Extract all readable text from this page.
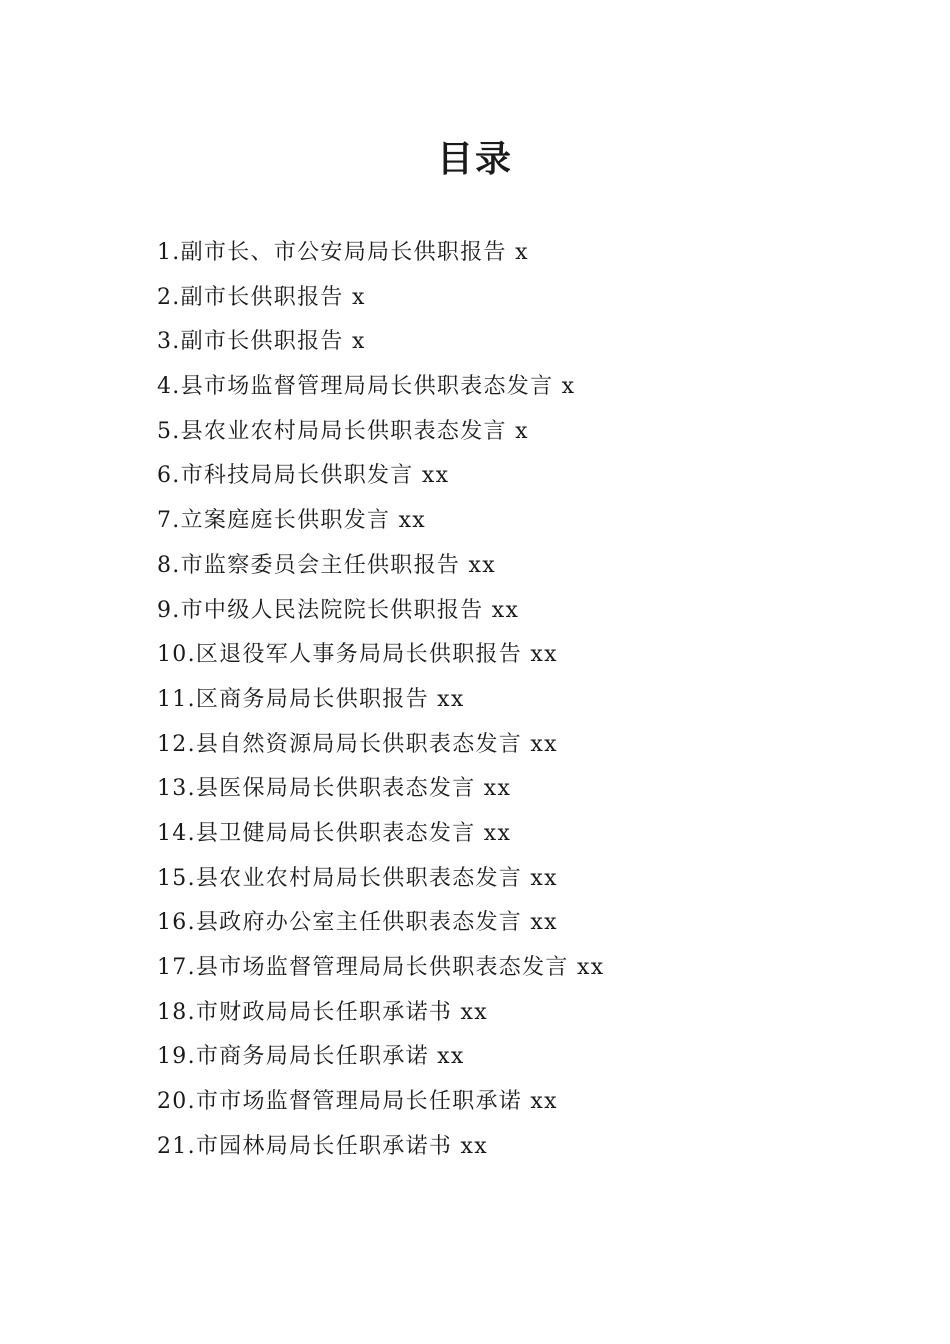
目录
1.副市长、市公安局局长供职报告 x
2.副市长供职报告 x
3.副市长供职报告 x
4.县市场监督管理局局长供职表态发言 x
5.县农业农村局局长供职表态发言 x
6.市科技局局长供职发言 xx
7.立案庭庭长供职发言 xx
8.市监察委员会主任供职报告 xx
9.市中级人民法院院长供职报告 xx
10.区退役军人事务局局长供职报告 xx
11.区商务局局长供职报告 xx
12.县自然资源局局长供职表态发言 xx
13.县医保局局长供职表态发言 xx
14.县卫健局局长供职表态发言 xx
15.县农业农村局局长供职表态发言 xx
16.县政府办公室主任供职表态发言 xx
17.县市场监督管理局局长供职表态发言 xx
18.市财政局局长任职承诺书 xx
19.市商务局局长任职承诺 xx
20.市市场监督管理局局长任职承诺 xx
21.市园林局局长任职承诺书 xx
